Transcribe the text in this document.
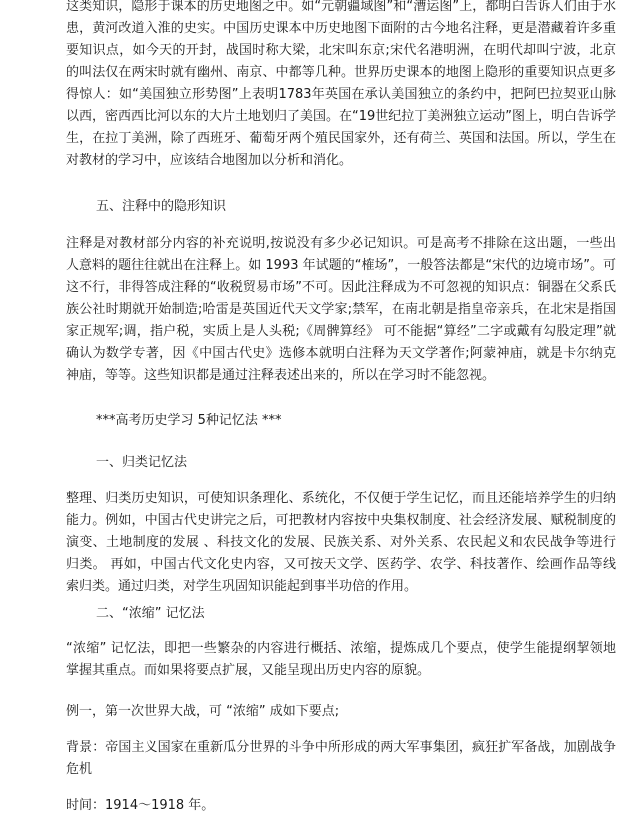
这类知识，隐形于课本的历史地图之中。如“元朝疆域图”和“漕运图”上，都明白告诉人们由于水患，黄河改道入淮的史实。中国历史课本中历史地图下面附的古今地名注释，更是潜藏着许多重要知识点，如今天的开封，战国时称大梁，北宋叫东京;宋代名港明洲，在明代却叫宁波，北京的叫法仅在两宋时就有幽州、南京、中都等几种。世界历史课本的地图上隐形的重要知识点更多得惊人：如“美国独立形势图”上表明1783年英国在承认美国独立的条约中，把阿巴拉契亚山脉以西，密西西比河以东的大片土地划归了美国。在“19世纪拉丁美洲独立运动”图上，明白告诉学生，在拉丁美洲，除了西班牙、葡萄牙两个殖民国家外，还有荷兰、英国和法国。所以，学生在对教材的学习中，应该结合地图加以分析和消化。

五、注释中的隐形知识

注释是对教材部分内容的补充说明,按说没有多少必记知识。可是高考不排除在这出题，一些出人意料的题往往就出在注释上。如 1993 年试题的“榷场”，一般答法都是“宋代的边境市场”。可这不行，非得答成注释的“收税贸易市场”不可。因此注释成为不可忽视的知识点：铜器在父系氏族公社时期就开始制造;哈雷是英国近代天文学家;禁军，在南北朝是指皇帝亲兵，在北宋是指国家正规军;调，指户税，实质上是人头税;《周髀算经》 可不能据“算经”二字或戴有勾股定理”就确认为数学专著，因《中国古代史》选修本就明白注释为天文学著作;阿蒙神庙，就是卡尔纳克神庙，等等。这些知识都是通过注释表述出来的，所以在学习时不能忽视。

***高考历史学习 5种记忆法 ***

一、归类记忆法

整理、归类历史知识，可使知识条理化、系统化，不仅便于学生记忆，而且还能培养学生的归纳能力。例如，中国古代史讲完之后，可把教材内容按中央集权制度、社会经济发展、赋税制度的演变、土地制度的发展 、科技文化的发展、民族关系、对外关系、农民起义和农民战争等进行归类。 再如，中国古代文化史内容，又可按天文学、医药学、农学、科技著作、绘画作品等线索归类。通过归类，对学生巩固知识能起到事半功倍的作用。

二、“浓缩” 记忆法

“浓缩” 记忆法，即把一些繁杂的内容进行概括、浓缩，提炼成几个要点，使学生能提纲挈领地掌握其重点。而如果将要点扩展，又能呈现出历史内容的原貌。

例一，第一次世界大战，可 “浓缩” 成如下要点;

背景：帝国主义国家在重新瓜分世界的斗争中所形成的两大军事集团，疯狂扩军备战，加剧战争危机

时间：1914～1918 年。
